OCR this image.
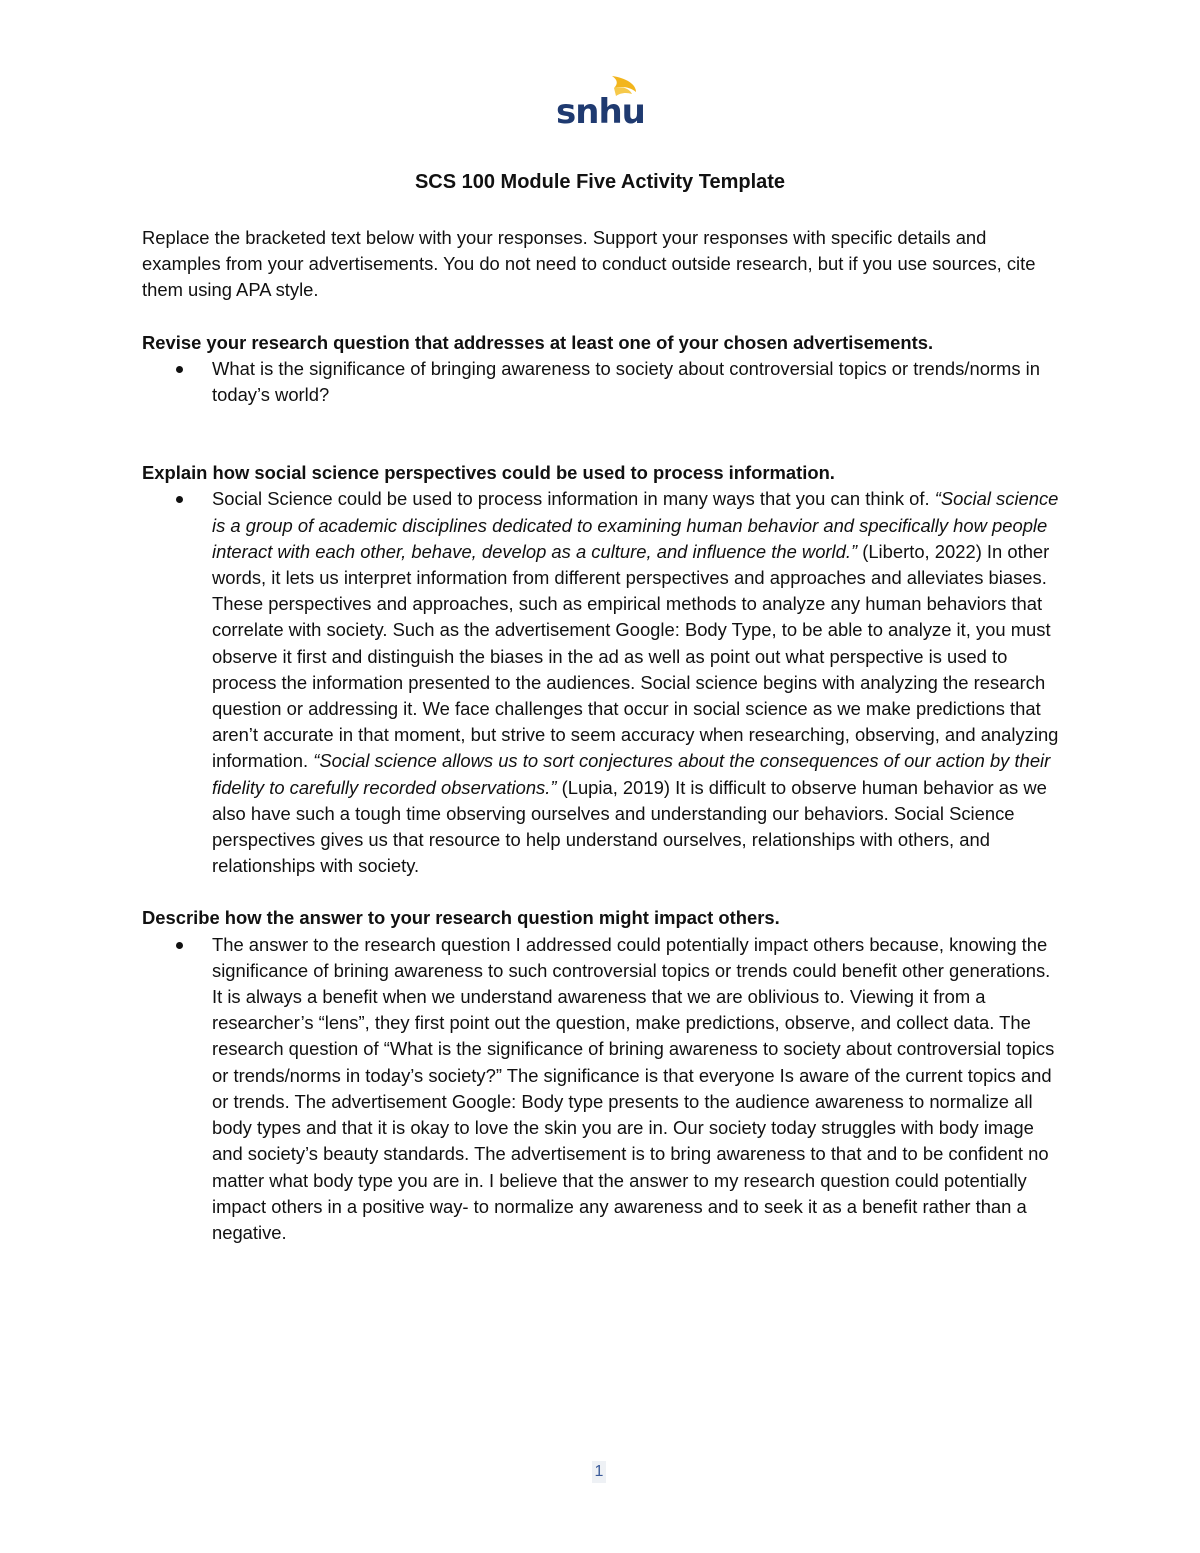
snhu
SCS 100 Module Five Activity Template

Replace the bracketed text below with your responses. Support your responses with specific details and examples from your advertisements. You do not need to conduct outside research, but if you use sources, cite them using APA style.

Revise your research question that addresses at least one of your chosen advertisements.

What is the significance of bringing awareness to society about controversial topics or trends/norms in today’s world?

Explain how social science perspectives could be used to process information.

Social Science could be used to process information in many ways that you can think of. “Social science is a group of academic disciplines dedicated to examining human behavior and specifically how people interact with each other, behave, develop as a culture, and influence the world.” (Liberto, 2022) In other words, it lets us interpret information from different perspectives and approaches and alleviates biases. These perspectives and approaches, such as empirical methods to analyze any human behaviors that correlate with society. Such as the advertisement Google: Body Type, to be able to analyze it, you must observe it first and distinguish the biases in the ad as well as point out what perspective is used to process the information presented to the audiences. Social science begins with analyzing the research question or addressing it. We face challenges that occur in social science as we make predictions that aren’t accurate in that moment, but strive to seem accuracy when researching, observing, and analyzing information. “Social science allows us to sort conjectures about the consequences of our action by their fidelity to carefully recorded observations.” (Lupia, 2019) It is difficult to observe human behavior as we also have such a tough time observing ourselves and understanding our behaviors. Social Science perspectives gives us that resource to help understand ourselves, relationships with others, and relationships with society.

Describe how the answer to your research question might impact others.

The answer to the research question I addressed could potentially impact others because, knowing the significance of brining awareness to such controversial topics or trends could benefit other generations. It is always a benefit when we understand awareness that we are oblivious to. Viewing it from a researcher’s “lens”, they first point out the question, make predictions, observe, and collect data. The research question of “What is the significance of brining awareness to society about controversial topics or trends/norms in today’s society?” The significance is that everyone Is aware of the current topics and or trends. The advertisement Google: Body type presents to the audience awareness to normalize all body types and that it is okay to love the skin you are in. Our society today struggles with body image and society’s beauty standards. The advertisement is to bring awareness to that and to be confident no matter what body type you are in. I believe that the answer to my research question could potentially impact others in a positive way- to normalize any awareness and to seek it as a benefit rather than a negative.
1
